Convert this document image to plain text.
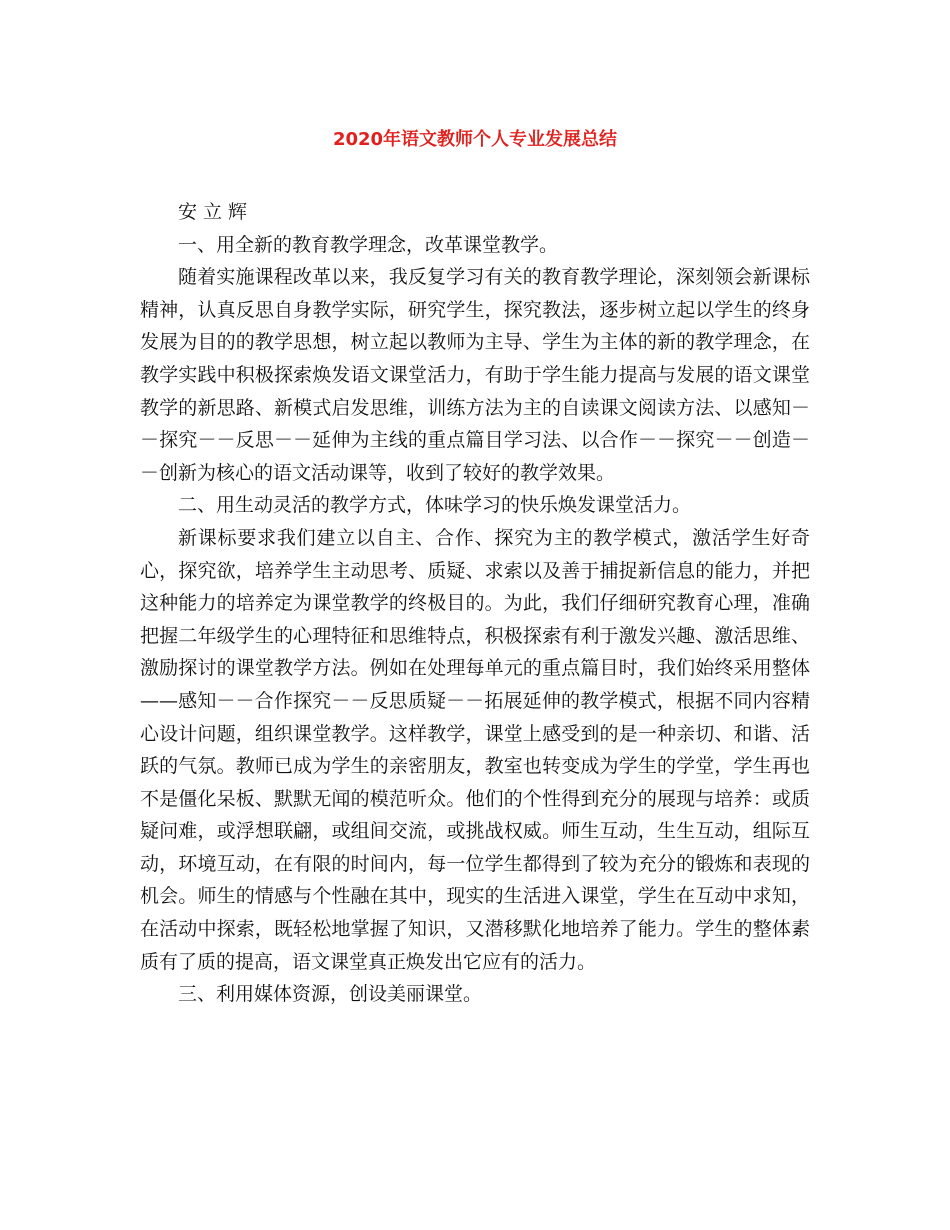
2020年语文教师个人专业发展总结

安立辉

一、用全新的教育教学理念，改革课堂教学。

随着实施课程改革以来，我反复学习有关的教育教学理论，深刻领会新课标精神，认真反思自身教学实际，研究学生，探究教法，逐步树立起以学生的终身发展为目的的教学思想，树立起以教师为主导、学生为主体的新的教学理念，在教学实践中积极探索焕发语文课堂活力，有助于学生能力提高与发展的语文课堂教学的新思路、新模式启发思维，训练方法为主的自读课文阅读方法、以感知－－探究－－反思－－延伸为主线的重点篇目学习法、以合作－－探究－－创造－－创新为核心的语文活动课等，收到了较好的教学效果。

二、用生动灵活的教学方式，体味学习的快乐焕发课堂活力。

新课标要求我们建立以自主、合作、探究为主的教学模式，激活学生好奇心，探究欲，培养学生主动思考、质疑、求索以及善于捕捉新信息的能力，并把这种能力的培养定为课堂教学的终极目的。为此，我们仔细研究教育心理，准确把握二年级学生的心理特征和思维特点，积极探索有利于激发兴趣、激活思维、激励探讨的课堂教学方法。例如在处理每单元的重点篇目时，我们始终采用整体 ——感知－－合作探究－－反思质疑－－拓展延伸的教学模式，根据不同内容精心设计问题，组织课堂教学。这样教学，课堂上感受到的是一种亲切、和谐、活跃的气氛。教师已成为学生的亲密朋友，教室也转变成为学生的学堂，学生再也不是僵化呆板、默默无闻的模范听众。他们的个性得到充分的展现与培养：或质疑问难，或浮想联翩，或组间交流，或挑战权威。师生互动，生生互动，组际互动，环境互动，在有限的时间内，每一位学生都得到了较为充分的锻炼和表现的机会。师生的情感与个性融在其中，现实的生活进入课堂，学生在互动中求知，在活动中探索，既轻松地掌握了知识，又潜移默化地培养了能力。学生的整体素质有了质的提高，语文课堂真正焕发出它应有的活力。

三、利用媒体资源，创设美丽课堂。
